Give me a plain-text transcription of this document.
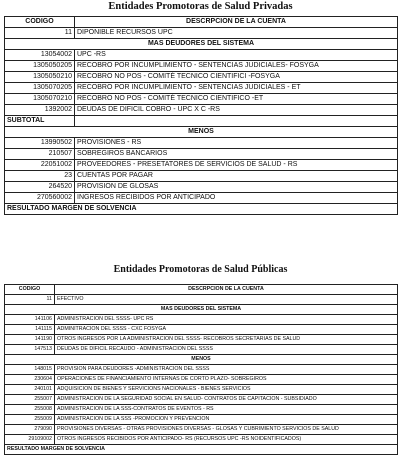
Entidades Promotoras de Salud Privadas
CODIGO	DESCRPCION DE LA CUENTA
11	DIPONIBLE RECURSOS UPC
MAS DEUDORES DEL SISTEMA	
13054002	UPC -RS
1305050205	RECOBRO POR INCUMPLIMIENTO - SENTENCIAS JUDICIALES- FOSYGA
1305050210	RECOBRO NO POS - COMITÉ TECNICO CIENTIFICI -FOSYGA
1305070205	RECOBRO POR INCUMPLIMIENTO - SENTENCIAS JUDICIALES - ET
1305070210	RECOBRO NO POS - COMITÉ TECNICO CIENTIFICO -ET
1392002	DEUDAS DE DIFICIL COBRO - UPC X C -RS
SUBTOTAL	
MENOS	
13990502	PROVISIONES - RS
210507	SOBREGIROS BANCARIOS
22051002	PROVEEDORES - PRESETATORES DE SERVICIOS DE SALUD - RS
23	CUENTAS POR PAGAR
264520	PROVISION DE GLOSAS
270560002	INGRESOS RECIBIDOS POR ANTICIPADO
RESULTADO MARGEN DE SOLVENCIA	
Entidades Promotoras de Salud Públicas
CODIGO	DESCRPCION DE LA CUENTA
11	EFECTIVO
MAS DEUDORES DEL SISTEMA	
141106	ADMINISTRACION DEL SSSS- UPC RS
141115	ADMINITRACION DEL SSSS - CXC FOSYGA
141190	OTROS INGRESOS POR LA ADMINISTRACION DEL SSSS- RECOBROS SECRETARIAS DE SALUD
147513	DEUDAS DE DIFICIL RECAUDO - ADMINISTRACION DEL SSSS
MENOS	
148015	PROVISION PARA DEUDORES -ADMINISTRACION DEL SSSS
230604	OPERACIONES DE FINANCIAMIENTO INTERNAS DE CORTO PLAZO- SOBREGIROS
240101	ADQUISICION DE BIENES Y SERVICIONS NACIONALES - BIENES SERVICIOS
255007	ADMINISTRACION DE LA SEGURIDAD SOCIAL EN SALUD- CONTRATOS DE CAPITACION - SUBSIDIADO
255008	ADMINISTRACION DE LA SSS-CONTRATOS DE EVENTOS - RS
255009	ADMINISTRACION DE LA SSS -PROMOCION Y PREVENCION
279090	PROVISIONES DIVERSAS - OTRAS PROVISIONES DIVERSAS - GLOSAS Y CUBRIMIENTO SERVICIOS DE SALUD
29109002	OTROS INGRESOS RECIBIDOS POR ANTICIPADO- RS (RECURSOS UPC -RS NOIDENTIFICADOS)
RESULTADO MARGEN DE SOLVENCIA	
